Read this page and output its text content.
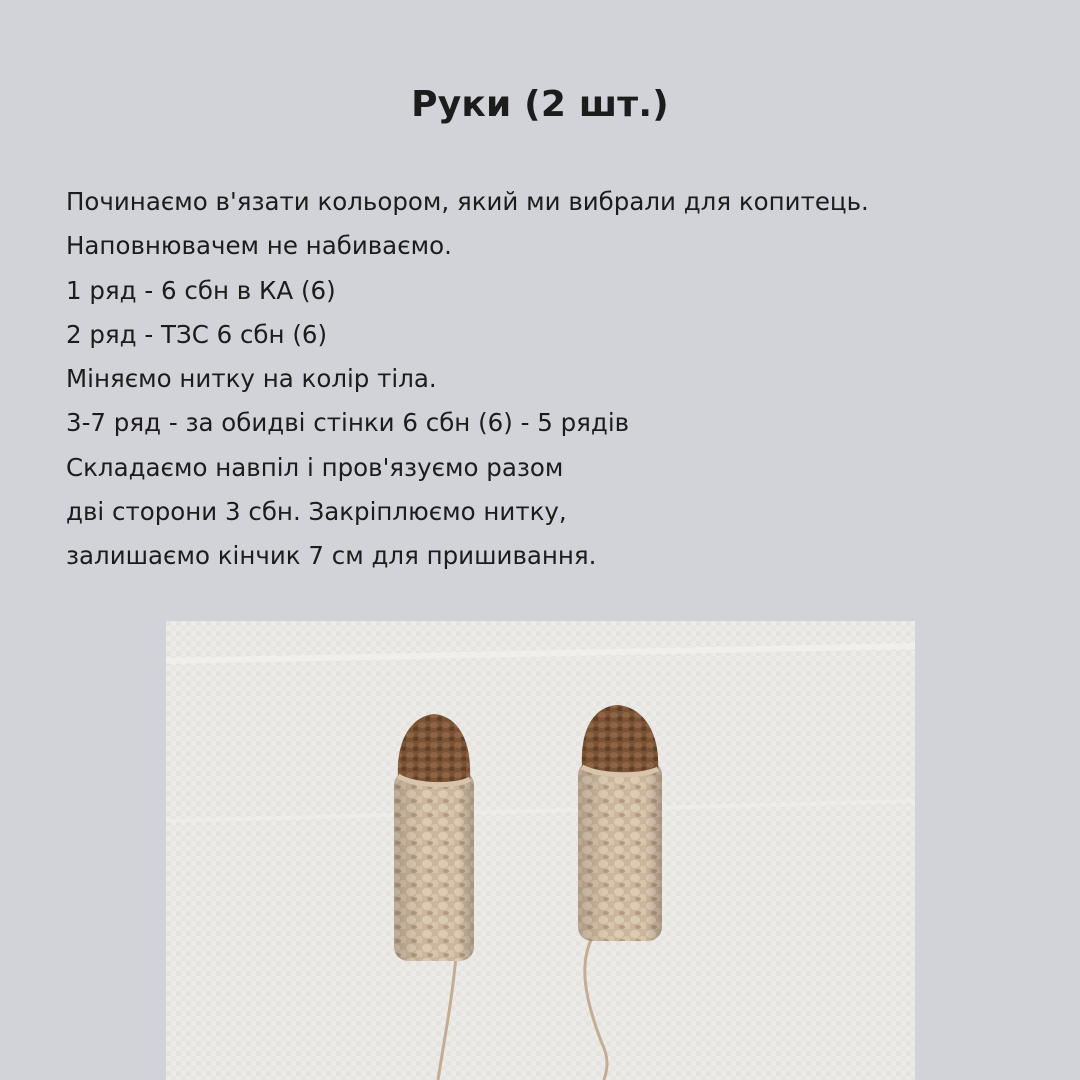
Руки (2 шт.)
Починаємо в'язати кольором, який ми вибрали для копитець.
Наповнювачем не набиваємо.
1 ряд - 6 сбн в КА (6)
2 ряд - ТЗС 6 сбн (6)
Міняємо нитку на колір тіла.
3-7 ряд - за обидві стінки 6 сбн (6) - 5 рядів
Складаємо навпіл і пров'язуємо разом
дві сторони 3 сбн. Закріплюємо нитку,
залишаємо кінчик 7 см для пришивання.
